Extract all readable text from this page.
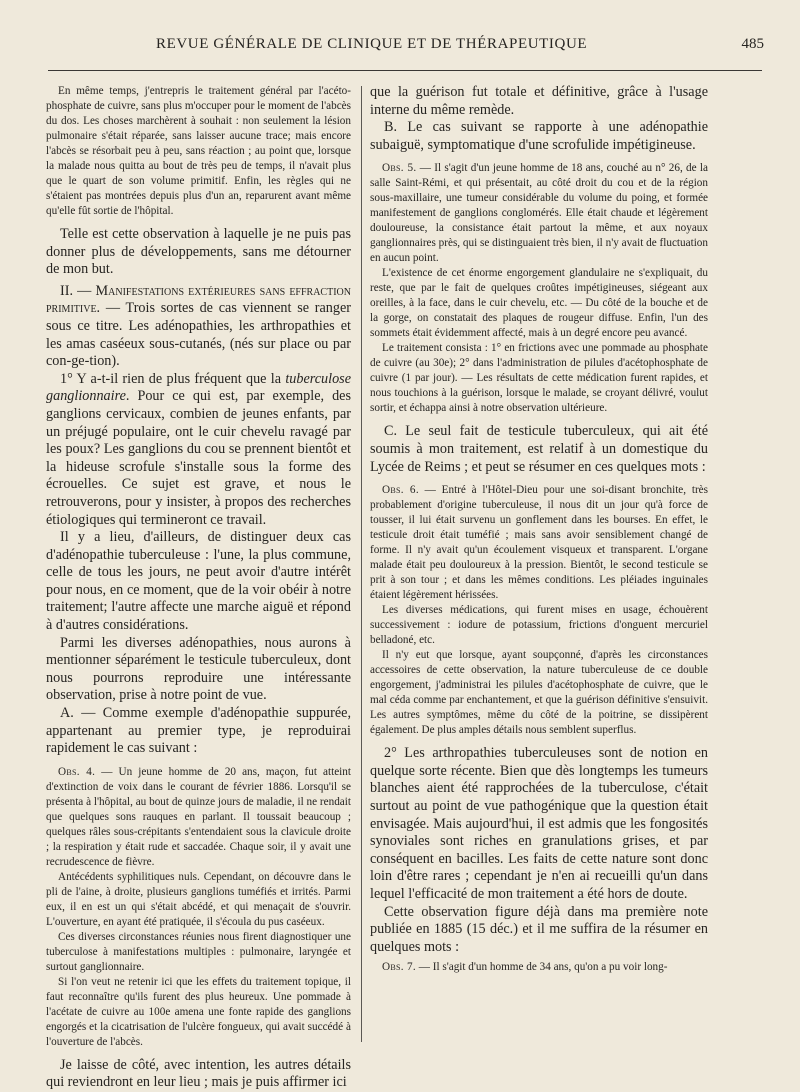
REVUE GÉNÉRALE DE CLINIQUE ET DE THÉRAPEUTIQUE	485

En même temps, j'entrepris le traitement général par l'acéto-phosphate de cuivre, sans plus m'occuper pour le moment de l'abcès du dos. Les choses marchèrent à souhait : non seulement la lésion pulmonaire s'était réparée, sans laisser aucune trace; mais encore l'abcès se résorbait peu à peu, sans réaction ; au point que, lorsque la malade nous quitta au bout de très peu de temps, il n'avait plus que le quart de son volume primitif. Enfin, les règles qui ne s'étaient pas montrées depuis plus d'un an, reparurent avant même qu'elle fût sortie de l'hôpital.

Telle est cette observation à laquelle je ne puis pas donner plus de développements, sans me détourner de mon but.

II. — Manifestations extérieures sans effraction primitive. — Trois sortes de cas viennent se ranger sous ce titre. Les adénopathies, les arthropathies et les amas caséeux sous-cutanés, (nés sur place ou par con-ge-tion).

1° Y a-t-il rien de plus fréquent que la tuberculose ganglionnaire. Pour ce qui est, par exemple, des ganglions cervicaux, combien de jeunes enfants, par un préjugé populaire, ont le cuir chevelu ravagé par les poux? Les ganglions du cou se prennent bientôt et la hideuse scrofule s'installe sous la forme des écrouelles. Ce sujet est grave, et nous le retrouverons, pour y insister, à propos des recherches étiologiques qui termineront ce travail.

Il y a lieu, d'ailleurs, de distinguer deux cas d'adénopathie tuberculeuse : l'une, la plus commune, celle de tous les jours, ne peut avoir d'autre intérêt pour nous, en ce moment, que de la voir obéir à notre traitement; l'autre affecte une marche aiguë et répond à d'autres considérations.

Parmi les diverses adénopathies, nous aurons à mentionner séparément le testicule tuberculeux, dont nous pourrons reproduire une intéressante observation, prise à notre point de vue.

A. — Comme exemple d'adénopathie suppurée, appartenant au premier type, je reproduirai rapidement le cas suivant :

Obs. 4. — Un jeune homme de 20 ans, maçon, fut atteint d'extinction de voix dans le courant de février 1886. Lorsqu'il se présenta à l'hôpital, au bout de quinze jours de maladie, il ne rendait que quelques sons rauques en parlant. Il toussait beaucoup ; quelques râles sous-crépitants s'entendaient sous la clavicule droite ; la respiration y était rude et saccadée. Chaque soir, il y avait une recrudescence de fièvre.

Antécédents syphilitiques nuls. Cependant, on découvre dans le pli de l'aine, à droite, plusieurs ganglions tuméfiés et irrités. Parmi eux, il en est un qui s'était abcédé, et qui menaçait de s'ouvrir. L'ouverture, en ayant été pratiquée, il s'écoula du pus caséeux.

Ces diverses circonstances réunies nous firent diagnostiquer une tuberculose à manifestations multiples : pulmonaire, laryngée et surtout ganglionnaire.

Si l'on veut ne retenir ici que les effets du traitement topique, il faut reconnaître qu'ils furent des plus heureux. Une pommade à l'acétate de cuivre au 100e amena une fonte rapide des ganglions engorgés et la cicatrisation de l'ulcère fongueux, qui avait succédé à l'ouverture de l'abcès.

Je laisse de côté, avec intention, les autres détails qui reviendront en leur lieu ; mais je puis affirmer ici

que la guérison fut totale et définitive, grâce à l'usage interne du même remède.

B. Le cas suivant se rapporte à une adénopathie subaiguë, symptomatique d'une scrofulide impétigineuse.

Obs. 5. — Il s'agit d'un jeune homme de 18 ans, couché au n° 26, de la salle Saint-Rémi, et qui présentait, au côté droit du cou et de la région sous-maxillaire, une tumeur considérable du volume du poing, et formée manifestement de ganglions conglomérés. Elle était chaude et légèrement douloureuse, la consistance était partout la même, et aux noyaux ganglionnaires près, qui se distinguaient très bien, il n'y avait de fluctuation en aucun point.

L'existence de cet énorme engorgement glandulaire ne s'expliquait, du reste, que par le fait de quelques croûtes impétigineuses, siégeant aux oreilles, à la face, dans le cuir chevelu, etc. — Du côté de la bouche et de la gorge, on constatait des plaques de rougeur diffuse. Enfin, l'un des sommets était évidemment affecté, mais à un degré encore peu avancé.

Le traitement consista : 1° en frictions avec une pommade au phosphate de cuivre (au 30e); 2° dans l'administration de pilules d'acétophosphate de cuivre (1 par jour). — Les résultats de cette médication furent rapides, et nous touchions à la guérison, lorsque le malade, se croyant délivré, voulut sortir, et échappa ainsi à notre observation ultérieure.

C. Le seul fait de testicule tuberculeux, qui ait été soumis à mon traitement, est relatif à un domestique du Lycée de Reims ; et peut se résumer en ces quelques mots :

Obs. 6. — Entré à l'Hôtel-Dieu pour une soi-disant bronchite, très probablement d'origine tuberculeuse, il nous dit un jour qu'à force de tousser, il lui était survenu un gonflement dans les bourses. En effet, le testicule droit était tuméfié ; mais sans avoir sensiblement changé de forme. Il n'y avait qu'un écoulement visqueux et transparent. L'organe malade était peu douloureux à la pression. Bientôt, le second testicule se prit à son tour ; et dans les mêmes conditions. Les pléiades inguinales étaient légèrement hérissées.

Les diverses médications, qui furent mises en usage, échouèrent successivement : iodure de potassium, frictions d'onguent mercuriel belladoné, etc.

Il n'y eut que lorsque, ayant soupçonné, d'après les circonstances accessoires de cette observation, la nature tuberculeuse de ce double engorgement, j'administrai les pilules d'acétophosphate de cuivre, que le mal céda comme par enchantement, et que la guérison définitive s'ensuivit. Les autres symptômes, même du côté de la poitrine, se dissipèrent également. De plus amples détails nous semblent superflus.

2° Les arthropathies tuberculeuses sont de notion en quelque sorte récente. Bien que dès longtemps les tumeurs blanches aient été rapprochées de la tuberculose, c'était surtout au point de vue pathogénique que la question était envisagée. Mais aujourd'hui, il est admis que les fongosités synoviales sont riches en granulations grises, et par conséquent en bacilles. Les faits de cette nature sont donc loin d'être rares ; cependant je n'en ai recueilli qu'un dans lequel l'efficacité de mon traitement a été hors de doute.

Cette observation figure déjà dans ma première note publiée en 1885 (15 déc.) et il me suffira de la résumer en quelques mots :

Obs. 7. — Il s'agit d'un homme de 34 ans, qu'on a pu voir long-
